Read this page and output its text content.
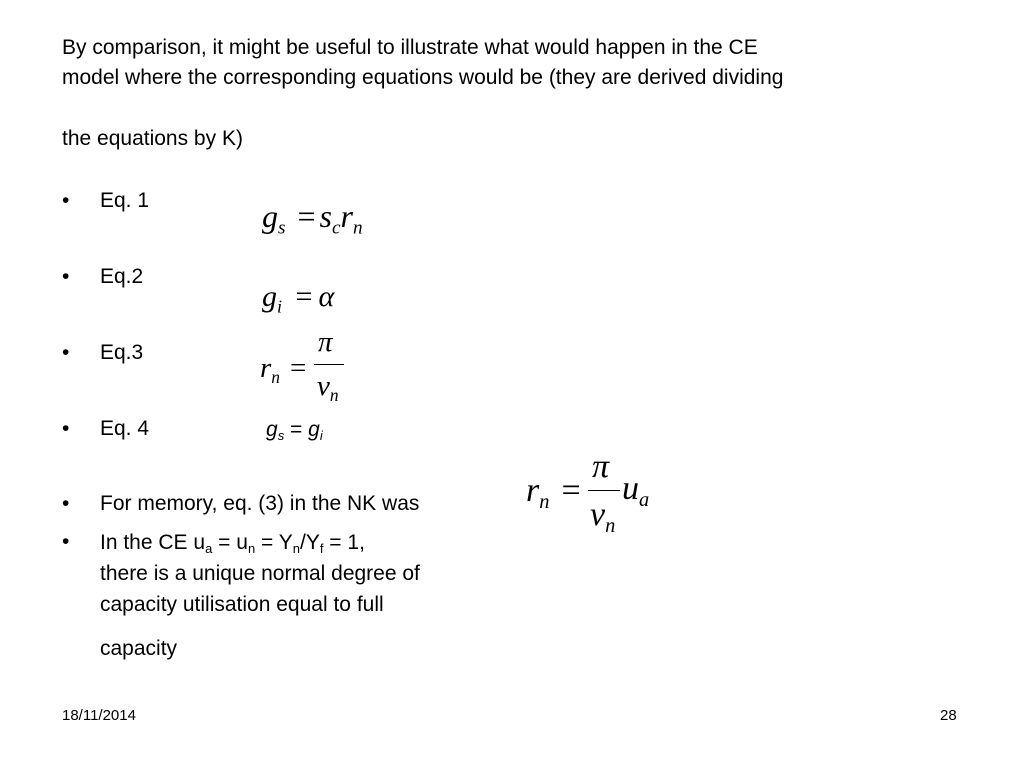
By comparison, it might be useful to illustrate what would happen in the CE
model where the corresponding equations would be (they are derived dividing
the equations by K)
• Eq. 1	$g_s = s_cr_n$
• Eq.2
$g_i = \alpha$
• Eq.3	$r_n$ =
π
$v_n$
• Eq. 4	$g_s = g_i$
• For memory, eq. (3) in the NK was	$r_n$ =
π
$v_n$
$u_a$
• In the CE $u_a = u_n = Y_n/Y_f = 1$,
there is a unique normal degree of
capacity utilisation equal to full
capacity
18/11/2014	28
